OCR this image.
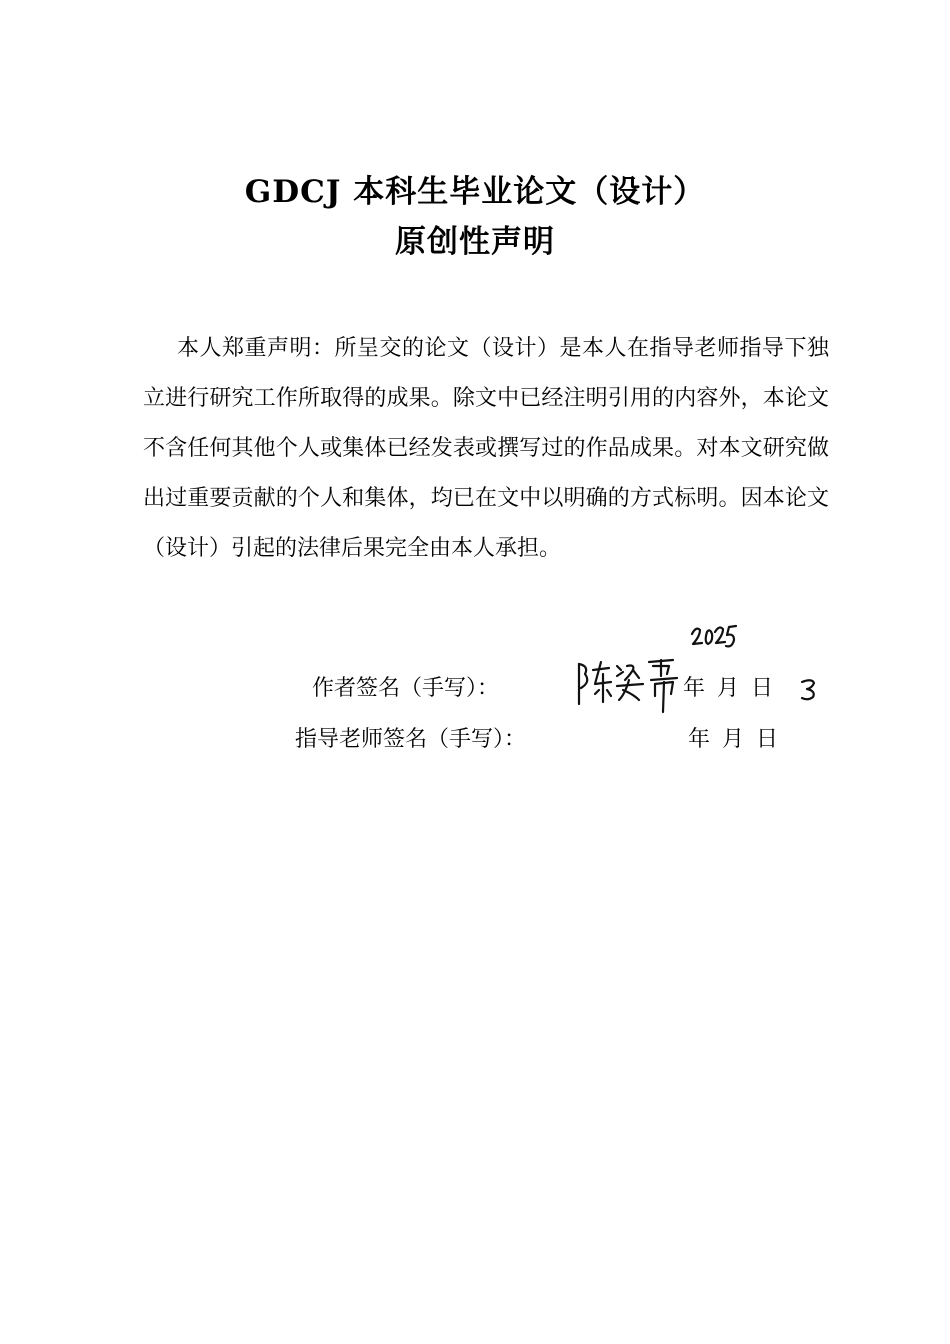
GDCJ 本科生毕业论文（设计）
原创性声明
本人郑重声明：所呈交的论文（设计）是本人在指导老师指导下独立进行研究工作所取得的成果。除文中已经注明引用的内容外，本论文不含任何其他个人或集体已经发表或撰写过的作品成果。对本文研究做出过重要贡献的个人和集体，均已在文中以明确的方式标明。因本论文（设计）引起的法律后果完全由本人承担。
作者签名（手写）：	年 月 日
指导老师签名（手写）：	年 月 日
